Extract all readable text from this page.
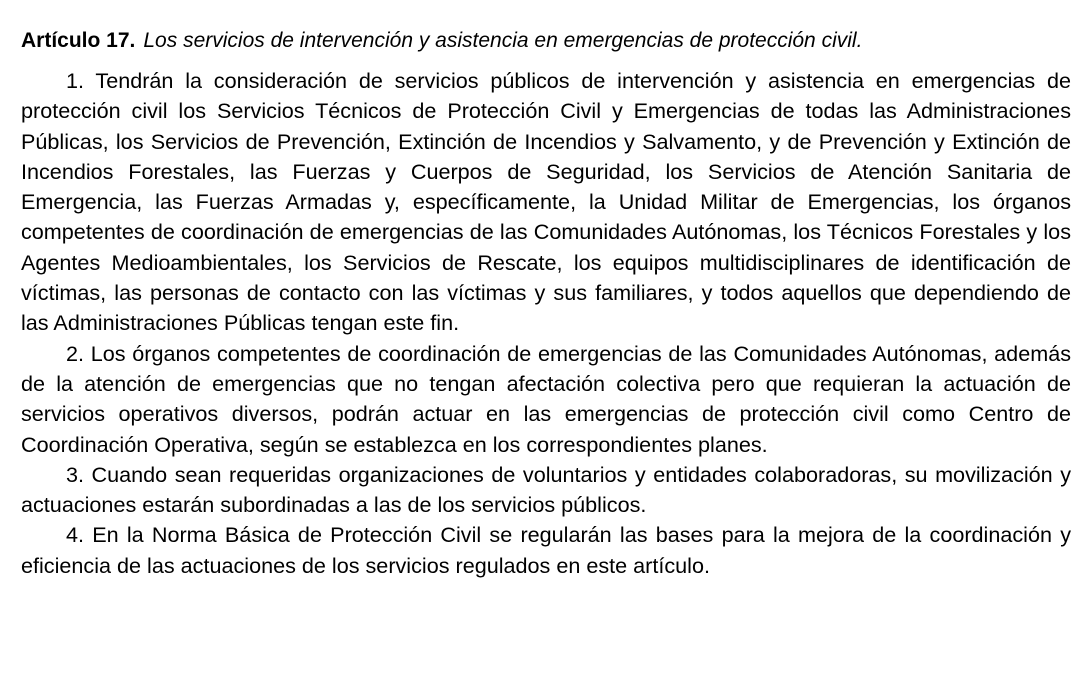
Artículo 17. Los servicios de intervención y asistencia en emergencias de protección civil.

1. Tendrán la consideración de servicios públicos de intervención y asistencia en emergencias de protección civil los Servicios Técnicos de Protección Civil y Emergencias de todas las Administraciones Públicas, los Servicios de Prevención, Extinción de Incendios y Salvamento, y de Prevención y Extinción de Incendios Forestales, las Fuerzas y Cuerpos de Seguridad, los Servicios de Atención Sanitaria de Emergencia, las Fuerzas Armadas y, específicamente, la Unidad Militar de Emergencias, los órganos competentes de coordinación de emergencias de las Comunidades Autónomas, los Técnicos Forestales y los Agentes Medioambientales, los Servicios de Rescate, los equipos multidisciplinares de identificación de víctimas, las personas de contacto con las víctimas y sus familiares, y todos aquellos que dependiendo de las Administraciones Públicas tengan este fin.

2. Los órganos competentes de coordinación de emergencias de las Comunidades Autónomas, además de la atención de emergencias que no tengan afectación colectiva pero que requieran la actuación de servicios operativos diversos, podrán actuar en las emergencias de protección civil como Centro de Coordinación Operativa, según se establezca en los correspondientes planes.

3. Cuando sean requeridas organizaciones de voluntarios y entidades colaboradoras, su movilización y actuaciones estarán subordinadas a las de los servicios públicos.

4. En la Norma Básica de Protección Civil se regularán las bases para la mejora de la coordinación y eficiencia de las actuaciones de los servicios regulados en este artículo.
